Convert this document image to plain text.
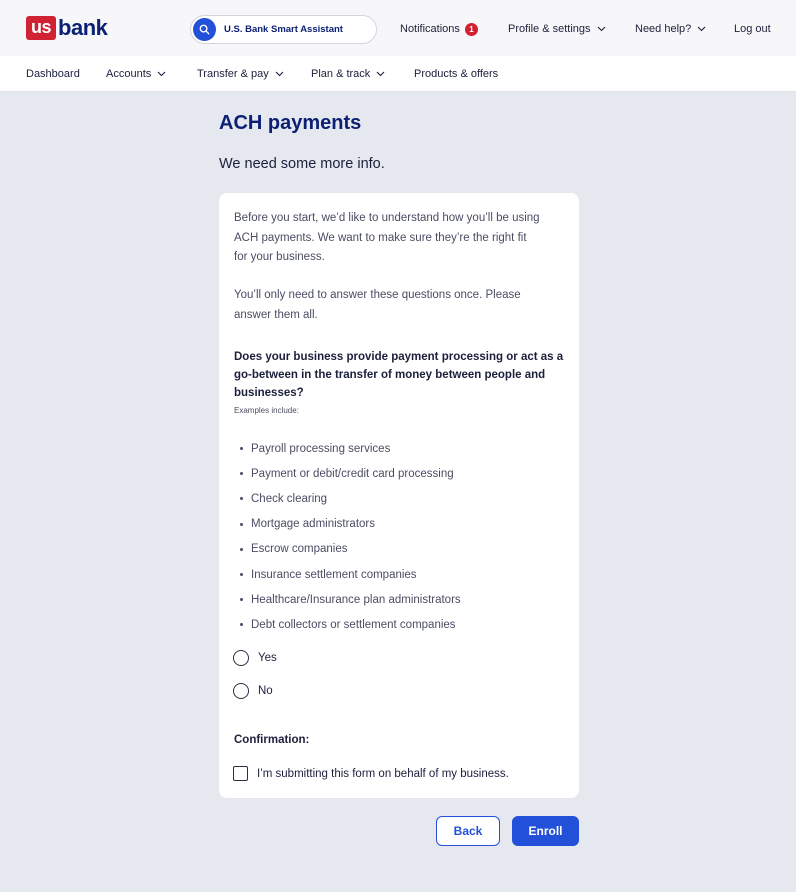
us bank	U.S. Bank Smart Assistant	Notifications	1	Profile & settings	Need help?	Log out
Dashboard Accounts	Transfer & pay	Plan & track	Products & offers
ACH payments
We need some more info.
Before you start, we’d like to understand how you’ll be using
ACH payments. We want to make sure they’re the right fit
for your business.
You’ll only need to answer these questions once. Please
answer them all.
Does your business provide payment processing or act as a
go-between in the transfer of money between people and
businesses?
Examples include:
Payroll processing services
Payment or debit/credit card processing
Check clearing
Mortgage administrators
Escrow companies
Insurance settlement companies
Healthcare/Insurance plan administrators
Debt collectors or settlement companies
Yes
No
Confirmation:
I’m submitting this form on behalf of my business.
Back	Enroll
